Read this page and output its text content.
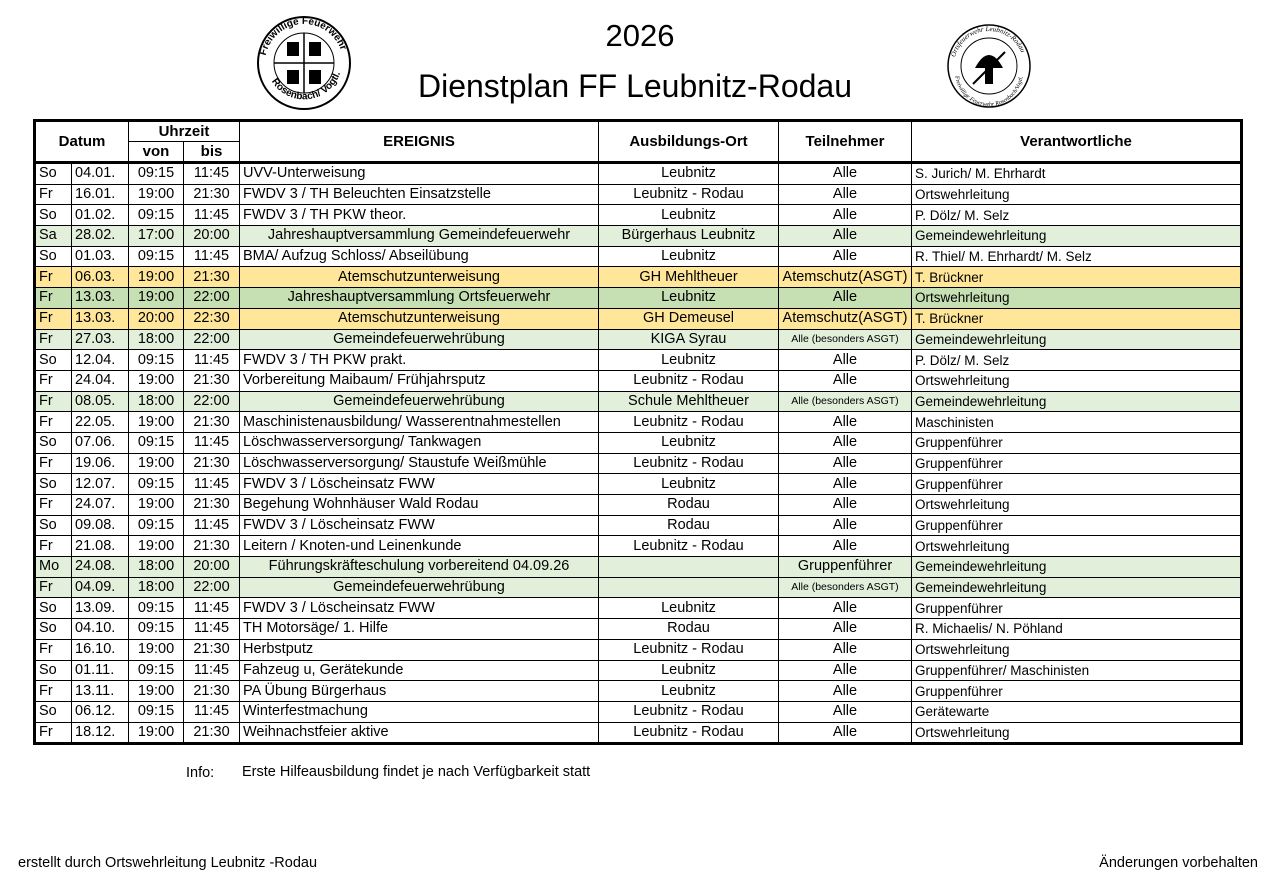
Freiwillige Feuerwehr
Rosenbach/ Vogtl.
2026
Dienstplan FF Leubnitz-Rodau
Ortsfeuerwehr Leubnitz-Rodau
Freiwillige Feuerwehr Rosenbach/Vogtl.
Datum		Uhrzeit		EREIGNIS	Ausbildungs-Ort	Teilnehmer	Verantwortliche
		von	bis				
So	04.01.	09:15	11:45	UVV-Unterweisung	Leubnitz	Alle	S. Jurich/ M. Ehrhardt
Fr	16.01.	19:00	21:30	FWDV 3 / TH Beleuchten Einsatzstelle	Leubnitz - Rodau	Alle	Ortswehrleitung
So	01.02.	09:15	11:45	FWDV 3 / TH PKW theor.	Leubnitz	Alle	P. Dölz/ M. Selz
Sa	28.02.	17:00	20:00	Jahreshauptversammlung Gemeindefeuerwehr	Bürgerhaus Leubnitz	Alle	Gemeindewehrleitung
So	01.03.	09:15	11:45	BMA/ Aufzug Schloss/ Abseilübung	Leubnitz	Alle	R. Thiel/ M. Ehrhardt/ M. Selz
Fr	06.03.	19:00	21:30	Atemschutzunterweisung	GH Mehltheuer	Atemschutz(ASGT)	T. Brückner
Fr	13.03.	19:00	22:00	Jahreshauptversammlung Ortsfeuerwehr	Leubnitz	Alle	Ortswehrleitung
Fr	13.03.	20:00	22:30	Atemschutzunterweisung	GH Demeusel	Atemschutz(ASGT)	T. Brückner
Fr	27.03.	18:00	22:00	Gemeindefeuerwehrübung	KIGA Syrau	Alle (besonders ASGT)	Gemeindewehrleitung
So	12.04.	09:15	11:45	FWDV 3 / TH PKW prakt.	Leubnitz	Alle	P. Dölz/ M. Selz
Fr	24.04.	19:00	21:30	Vorbereitung Maibaum/ Frühjahrsputz	Leubnitz - Rodau	Alle	Ortswehrleitung
Fr	08.05.	18:00	22:00	Gemeindefeuerwehrübung	Schule Mehltheuer	Alle (besonders ASGT)	Gemeindewehrleitung
Fr	22.05.	19:00	21:30	Maschinistenausbildung/ Wasserentnahmestellen	Leubnitz - Rodau	Alle	Maschinisten
So	07.06.	09:15	11:45	Löschwasserversorgung/ Tankwagen	Leubnitz	Alle	Gruppenführer
Fr	19.06.	19:00	21:30	Löschwasserversorgung/ Staustufe Weißmühle	Leubnitz - Rodau	Alle	Gruppenführer
So	12.07.	09:15	11:45	FWDV 3 / Löscheinsatz FWW	Leubnitz	Alle	Gruppenführer
Fr	24.07.	19:00	21:30	Begehung Wohnhäuser Wald Rodau	Rodau	Alle	Ortswehrleitung
So	09.08.	09:15	11:45	FWDV 3 / Löscheinsatz FWW	Rodau	Alle	Gruppenführer
Fr	21.08.	19:00	21:30	Leitern / Knoten-und Leinenkunde	Leubnitz - Rodau	Alle	Ortswehrleitung
Mo	24.08.	18:00	20:00	Führungskräfteschulung vorbereitend 04.09.26		Gruppenführer	Gemeindewehrleitung
Fr	04.09.	18:00	22:00	Gemeindefeuerwehrübung		Alle (besonders ASGT)	Gemeindewehrleitung
So	13.09.	09:15	11:45	FWDV 3 / Löscheinsatz FWW	Leubnitz	Alle	Gruppenführer
So	04.10.	09:15	11:45	TH Motorsäge/ 1. Hilfe	Rodau	Alle	R. Michaelis/ N. Pöhland
Fr	16.10.	19:00	21:30	Herbstputz	Leubnitz - Rodau	Alle	Ortswehrleitung
So	01.11.	09:15	11:45	Fahzeug u, Gerätekunde	Leubnitz	Alle	Gruppenführer/ Maschinisten
Fr	13.11.	19:00	21:30	PA Übung Bürgerhaus	Leubnitz	Alle	Gruppenführer
So	06.12.	09:15	11:45	Winterfestmachung	Leubnitz - Rodau	Alle	Gerätewarte
Fr	18.12.	19:00	21:30	Weihnachstfeier aktive	Leubnitz - Rodau	Alle	Ortswehrleitung
Info: Erste Hilfeausbildung findet je nach Verfügbarkeit statt
erstellt durch Ortswehrleitung Leubnitz -Rodau	Änderungen vorbehalten
